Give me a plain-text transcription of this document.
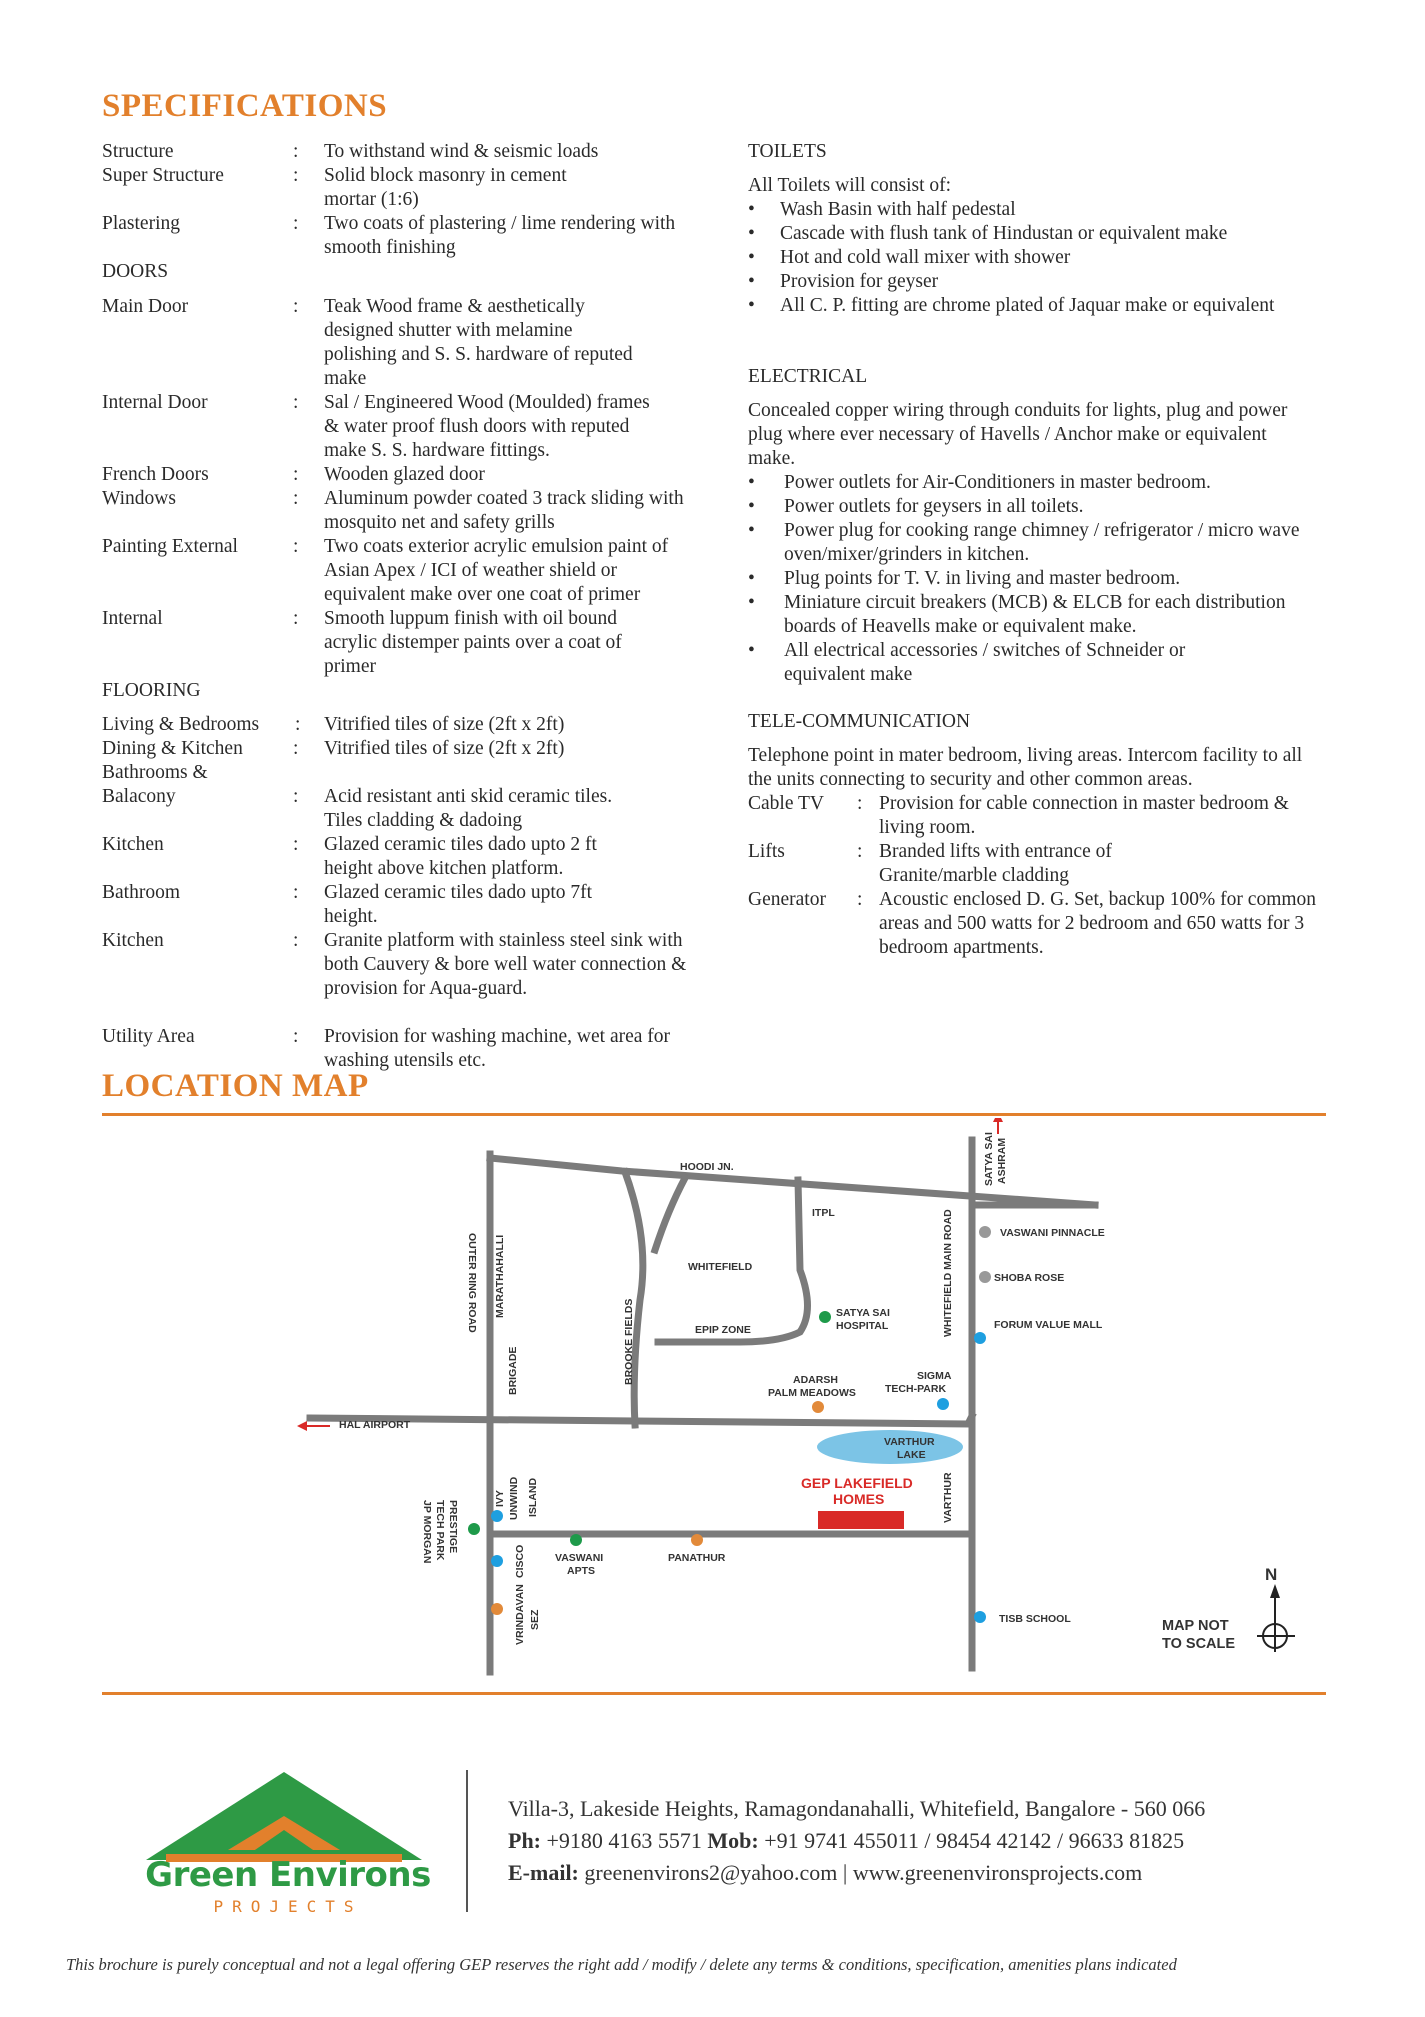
SPECIFICATIONS
Structure	: To withstand wind & seismic loads
Super Structure	: Solid block masonry in cement mortar (1:6)
Plastering	: Two coats of plastering / lime rendering with smooth finishing
DOORS
Main Door	: Teak Wood frame & aesthetically designed shutter with melamine polishing and S. S. hardware of reputed make
Internal Door	: Sal / Engineered Wood (Moulded) frames & water proof flush doors with reputed make S. S. hardware fittings.
French Doors	: Wooden glazed door
Windows	: Aluminum powder coated 3 track sliding with mosquito net and safety grills
Painting External	: Two coats exterior acrylic emulsion paint of Asian Apex / ICI of weather shield or equivalent make over one coat of primer
Internal	: Smooth luppum finish with oil bound acrylic distemper paints over a coat of primer
FLOORING
Living & Bedrooms : Vitrified tiles of size (2ft x 2ft)
Dining & Kitchen	: Vitrified tiles of size (2ft x 2ft)
Bathrooms &
Balacony	: Acid resistant anti skid ceramic tiles. Tiles cladding & dadoing
Kitchen	: Glazed ceramic tiles dado upto 2 ft height above kitchen platform.
Bathroom	: Glazed ceramic tiles dado upto 7ft height.
Kitchen	: Granite platform with stainless steel sink with both Cauvery & bore well water connection & provision for Aqua-guard.
Utility Area	: Provision for washing machine, wet area for washing utensils etc.
TOILETS
All Toilets will consist of:
• Wash Basin with half pedestal
• Cascade with flush tank of Hindustan or equivalent make
• Hot and cold wall mixer with shower
• Provision for geyser
• All C. P. fitting are chrome plated of Jaquar make or equivalent
ELECTRICAL
Concealed copper wiring through conduits for lights, plug and power plug where ever necessary of Havells / Anchor make or equivalent make.
• Power outlets for Air-Conditioners in master bedroom.
• Power outlets for geysers in all toilets.
• Power plug for cooking range chimney / refrigerator / micro wave oven/mixer/grinders in kitchen.
• Plug points for T. V. in living and master bedroom.
• Miniature circuit breakers (MCB) & ELCB for each distribution boards of Heavells make or equivalent make.
• All electrical accessories / switches of Schneider or equivalent make
TELE-COMMUNICATION
Telephone point in mater bedroom, living areas. Intercom facility to all the units connecting to security and other common areas.
Cable TV : Provision for cable connection in master bedroom & living room.
Lifts	: Branded lifts with entrance of Granite/marble cladding
Generator : Acoustic enclosed D. G. Set, backup 100% for common areas and 500 watts for 2 bedroom and 650 watts for 3 bedroom apartments.
LOCATION MAP
HOODI JN.
ITPL
WHITEFIELD
EPIP ZONE
SATYA SAI
HOSPITAL
VASWANI PINNACLE
SHOBA ROSE
FORUM VALUE MALL
ADARSH
PALM MEADOWS
SIGMA
TECH-PARK
HAL AIRPORT
VARTHUR
LAKE
GEP LAKEFIELD
HOMES
VASWANI
APTS
PANATHUR
TISB SCHOOL	MAP NOT
TO SCALE
N
OUTER RING ROAD MARATHAHALLI
BRIGADE	BROOKE FIELDS
WHITEFIELD MAIN ROAD
SATYA SAI ASHRAM
VARTHUR
IVY UNWIND ISLAND
PRESTIGE
TECH PARK
JP MORGAN	CISCO
VRINDAVAN SEZ
Green Environs
PROJECTS
Villa-3, Lakeside Heights, Ramagondanahalli, Whitefield, Bangalore - 560 066
Ph: +9180 4163 5571 Mob: +91 9741 455011 / 98454 42142 / 96633 81825
E-mail: greenenvirons2@yahoo.com | www.greenenvironsprojects.com
This brochure is purely conceptual and not a legal offering GEP reserves the right add / modify / delete any terms & conditions, specification, amenities plans indicated
